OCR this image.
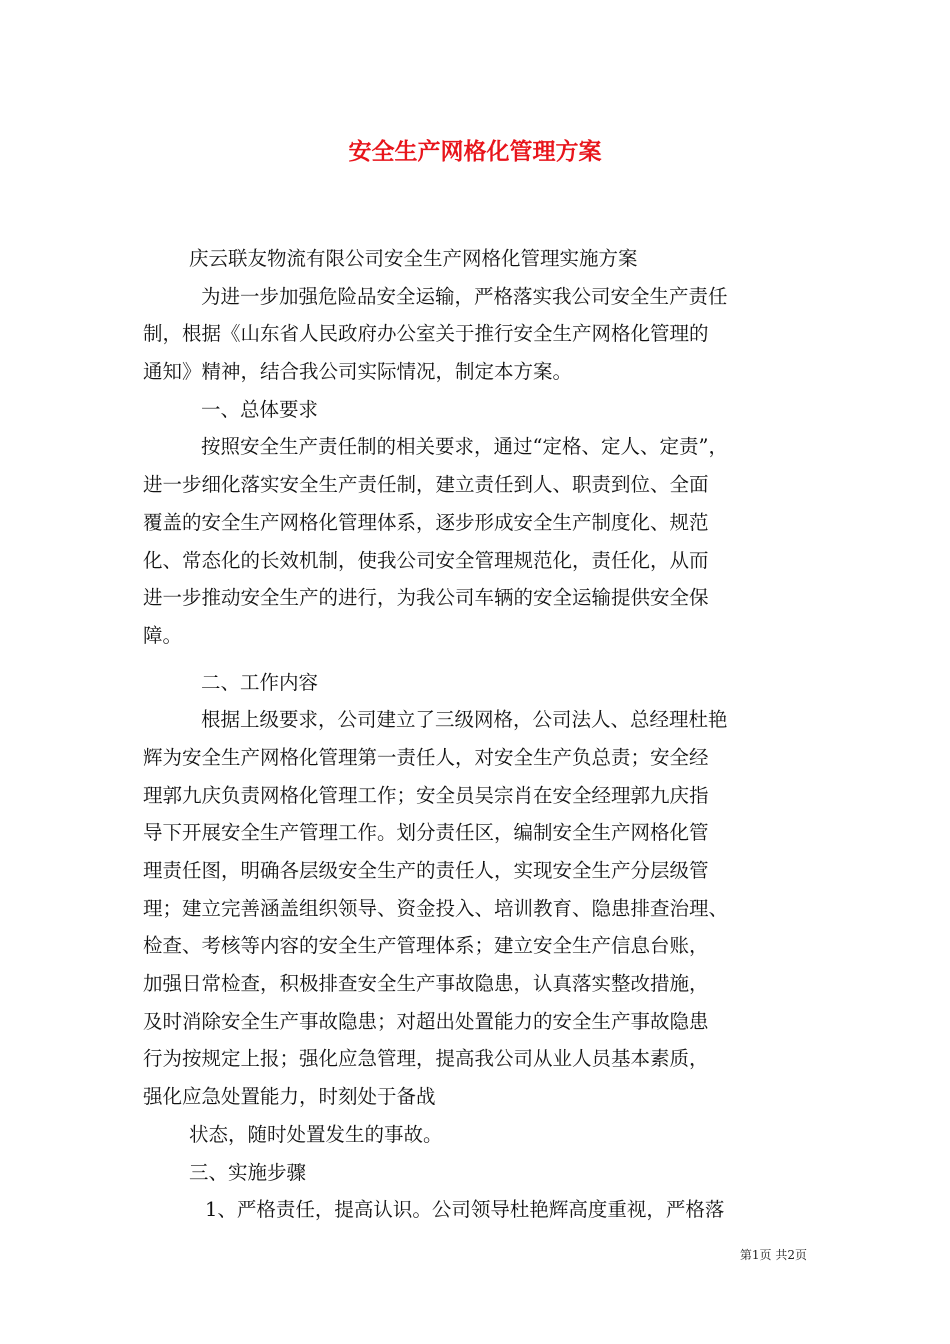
安全生产网格化管理方案
庆云联友物流有限公司安全生产网格化管理实施方案
为进一步加强危险品安全运输，严格落实我公司安全生产责任
制，根据《山东省人民政府办公室关于推行安全生产网格化管理的
通知》精神，结合我公司实际情况，制定本方案。
一、总体要求
按照安全生产责任制的相关要求，通过“定格、定人、定责”，
进一步细化落实安全生产责任制，建立责任到人、职责到位、全面
覆盖的安全生产网格化管理体系，逐步形成安全生产制度化、规范
化、常态化的长效机制，使我公司安全管理规范化，责任化，从而
进一步推动安全生产的进行，为我公司车辆的安全运输提供安全保
障。
二、工作内容
根据上级要求，公司建立了三级网格，公司法人、总经理杜艳
辉为安全生产网格化管理第一责任人，对安全生产负总责；安全经
理郭九庆负责网格化管理工作；安全员吴宗肖在安全经理郭九庆指
导下开展安全生产管理工作。划分责任区，编制安全生产网格化管
理责任图，明确各层级安全生产的责任人，实现安全生产分层级管
理；建立完善涵盖组织领导、资金投入、培训教育、隐患排查治理、
检查、考核等内容的安全生产管理体系；建立安全生产信息台账，
加强日常检查，积极排查安全生产事故隐患，认真落实整改措施，
及时消除安全生产事故隐患；对超出处置能力的安全生产事故隐患
行为按规定上报；强化应急管理，提高我公司从业人员基本素质，
强化应急处置能力，时刻处于备战
状态，随时处置发生的事故。
三、实施步骤
1、严格责任，提高认识。公司领导杜艳辉高度重视，严格落
第1页 共2页
